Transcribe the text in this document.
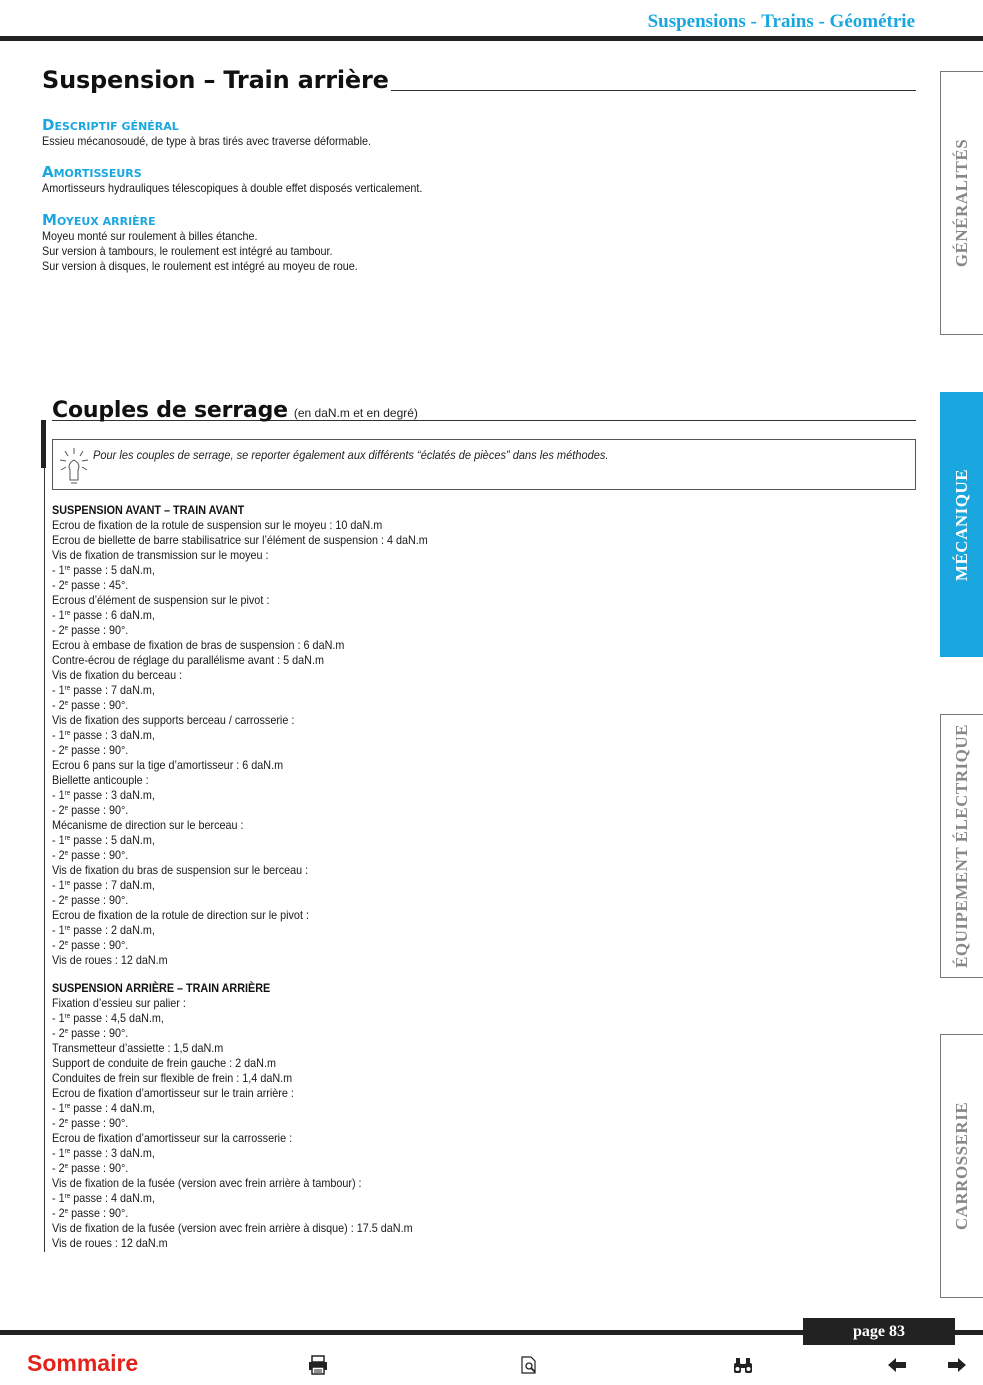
Suspensions - Trains - Géométrie
Suspension – Train arrière
DESCRIPTIF GÉNÉRAL
Essieu mécanosoudé, de type à bras tirés avec traverse déformable.
AMORTISSEURS
Amortisseurs hydrauliques télescopiques à double effet disposés verticalement.
MOYEUX ARRIÈRE
Moyeu monté sur roulement à billes étanche.
Sur version à tambours, le roulement est intégré au tambour.
Sur version à disques, le roulement est intégré au moyeu de roue.
Couples de serrage (en daN.m et en degré)
Pour les couples de serrage, se reporter également aux différents “éclatés de pièces” dans les méthodes.
SUSPENSION AVANT – TRAIN AVANT
Ecrou de fixation de la rotule de suspension sur le moyeu : 10 daN.m
Ecrou de biellette de barre stabilisatrice sur l’élément de suspension : 4 daN.m
Vis de fixation de transmission sur le moyeu :
- 1re passe : 5 daN.m,
- 2e passe : 45°.
Ecrous d’élément de suspension sur le pivot :
- 1re passe : 6 daN.m,
- 2e passe : 90°.
Ecrou à embase de fixation de bras de suspension : 6 daN.m
Contre-écrou de réglage du parallélisme avant : 5 daN.m
Vis de fixation du berceau :
- 1re passe : 7 daN.m,
- 2e passe : 90°.
Vis de fixation des supports berceau / carrosserie :
- 1re passe : 3 daN.m,
- 2e passe : 90°.
Ecrou 6 pans sur la tige d’amortisseur : 6 daN.m
Biellette anticouple :
- 1re passe : 3 daN.m,
- 2e passe : 90°.
Mécanisme de direction sur le berceau :
- 1re passe : 5 daN.m,
- 2e passe : 90°.
Vis de fixation du bras de suspension sur le berceau :
- 1re passe : 7 daN.m,
- 2e passe : 90°.
Ecrou de fixation de la rotule de direction sur le pivot :
- 1re passe : 2 daN.m,
- 2e passe : 90°.
Vis de roues : 12 daN.m
SUSPENSION ARRIÈRE – TRAIN ARRIÈRE
Fixation d’essieu sur palier :
- 1re passe : 4,5 daN.m,
- 2e passe : 90°.
Transmetteur d’assiette : 1,5 daN.m
Support de conduite de frein gauche : 2 daN.m
Conduites de frein sur flexible de frein : 1,4 daN.m
Ecrou de fixation d’amortisseur sur le train arrière :
- 1re passe : 4 daN.m,
- 2e passe : 90°.
Ecrou de fixation d’amortisseur sur la carrosserie :
- 1re passe : 3 daN.m,
- 2e passe : 90°.
Vis de fixation de la fusée (version avec frein arrière à tambour) :
- 1re passe : 4 daN.m,
- 2e passe : 90°.
Vis de fixation de la fusée (version avec frein arrière à disque) : 17.5 daN.m
Vis de roues : 12 daN.m
GÉNÉRALITÉS
MÉCANIQUE
ÉQUIPEMENT ÉLECTRIQUE
CARROSSERIE
page 83
Sommaire
